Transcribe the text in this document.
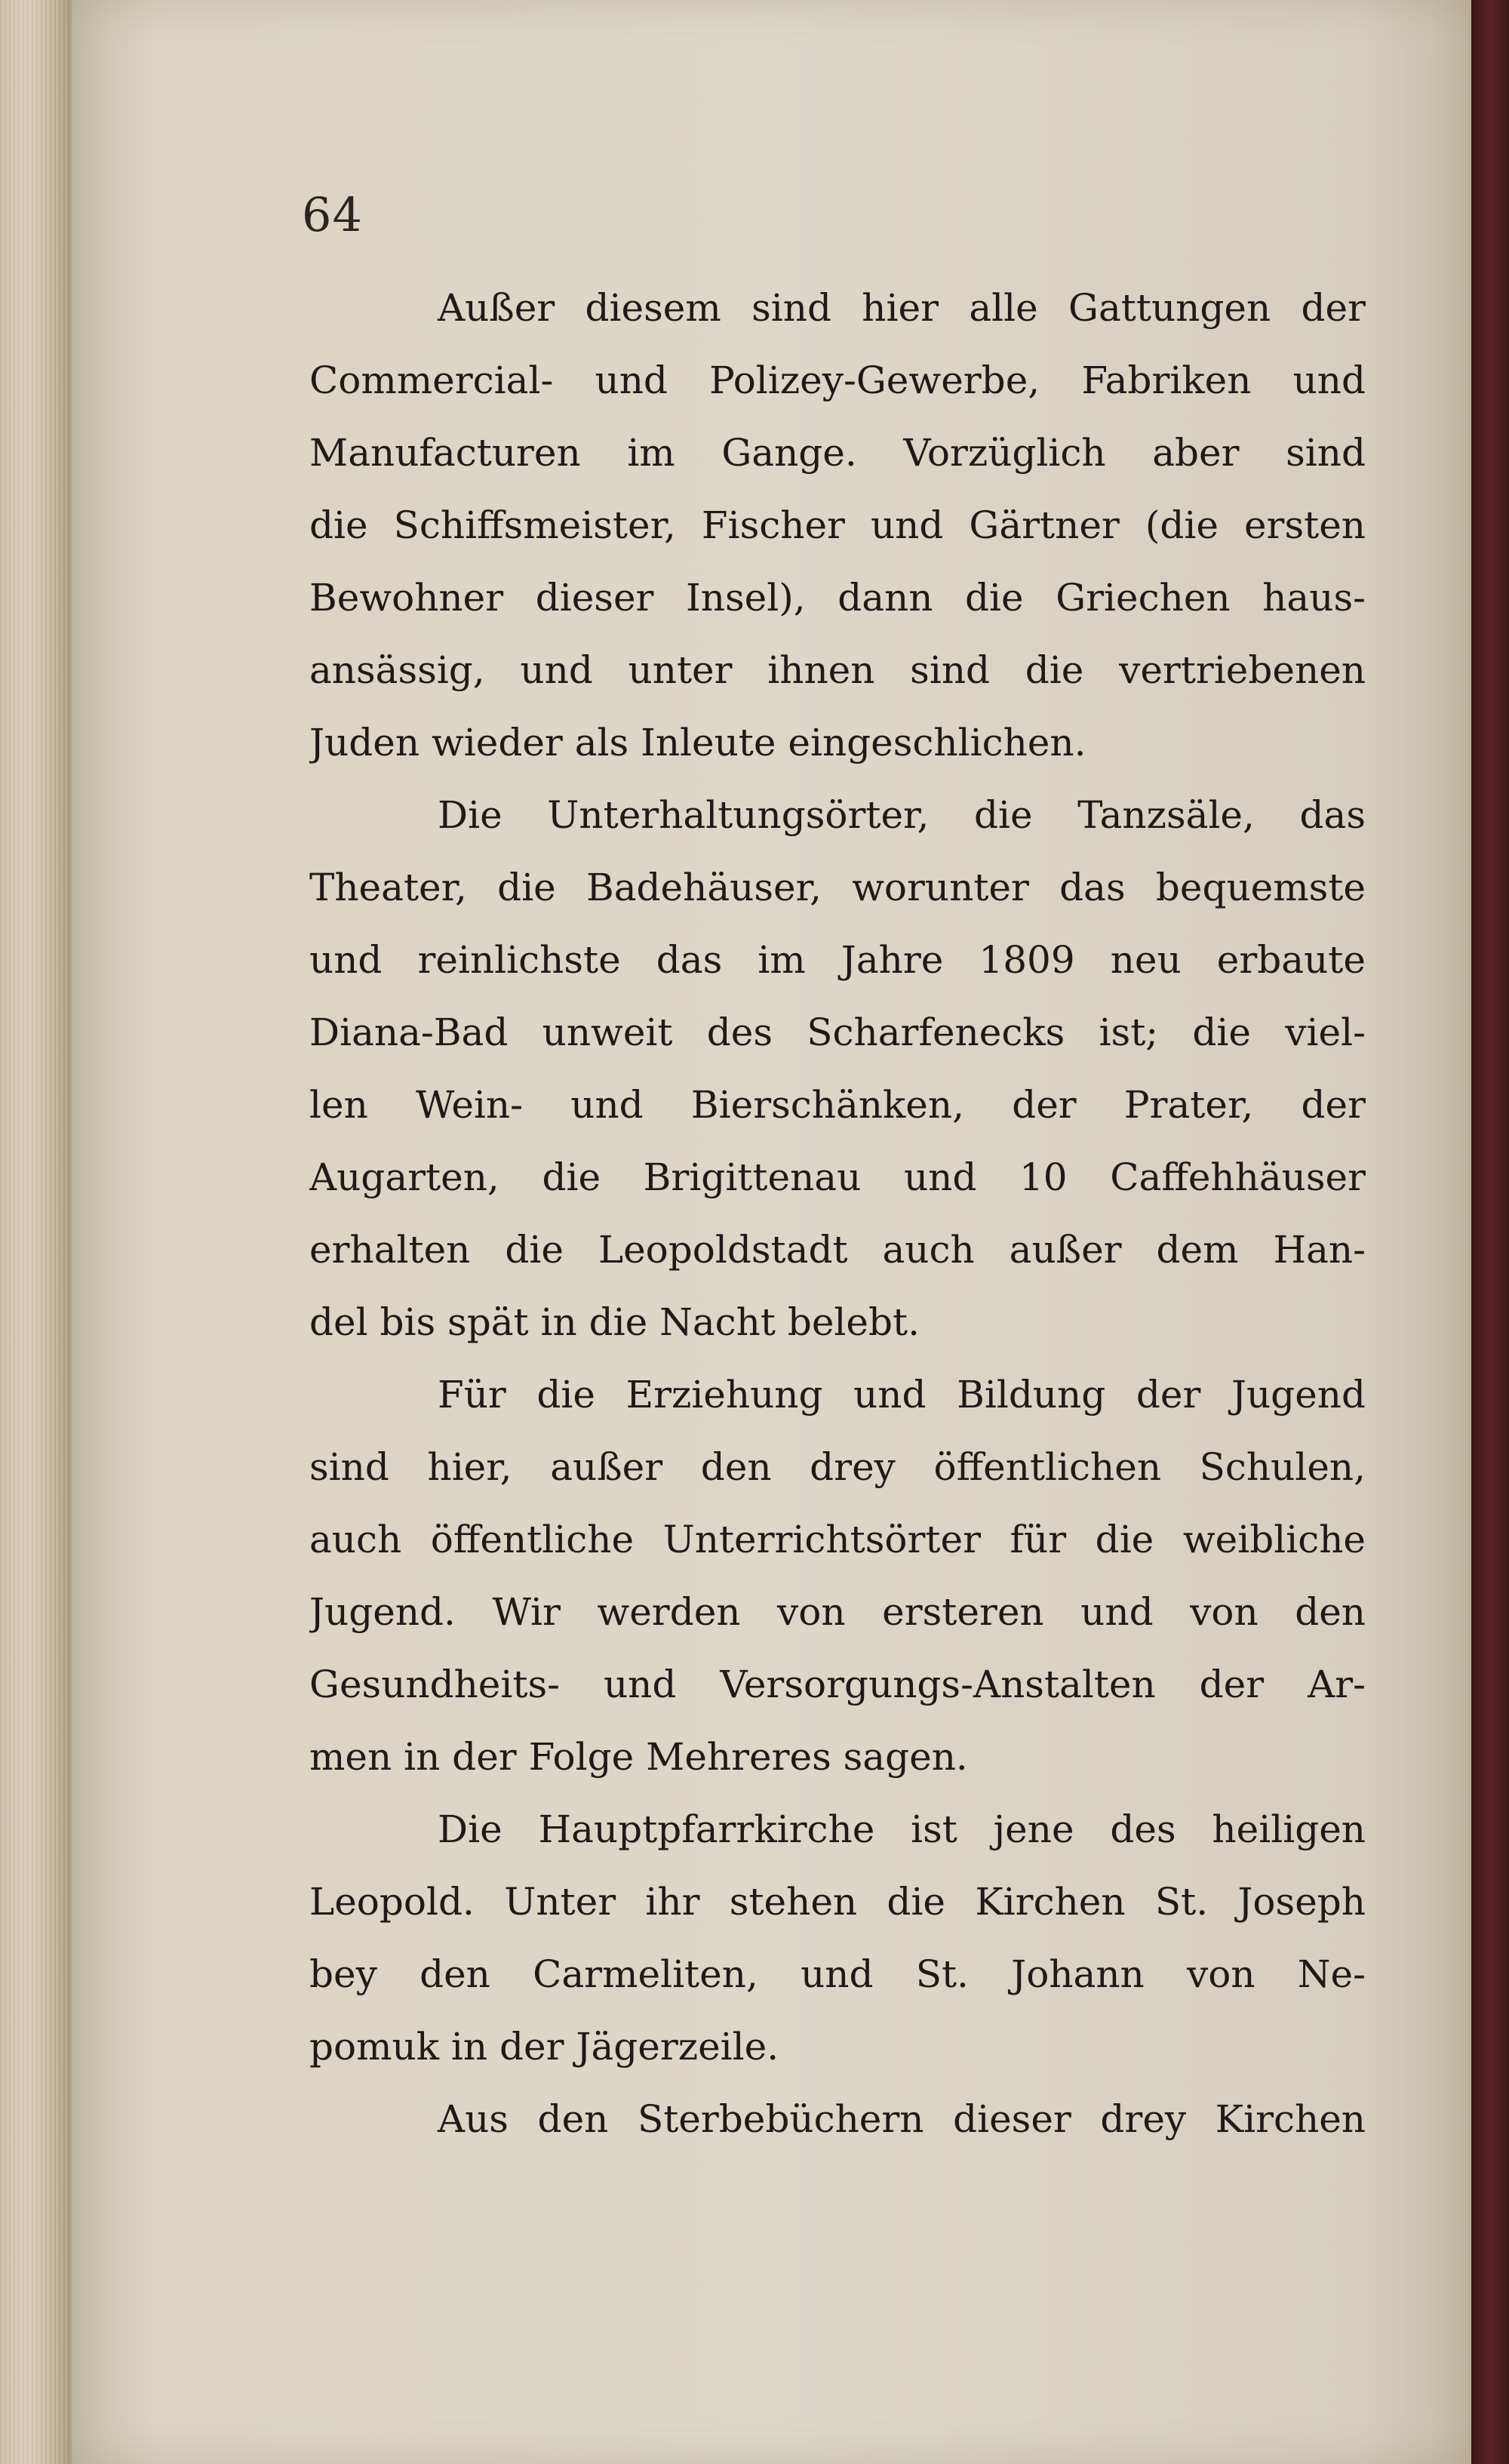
64
Außer diesem sind hier alle Gattungen der
Commercial- und Polizey-Gewerbe, Fabriken und
Manufacturen im Gange. Vorzüglich aber sind
die Schiffsmeister, Fischer und Gärtner (die ersten
Bewohner dieser Insel), dann die Griechen haus-
ansässig, und unter ihnen sind die vertriebenen
Juden wieder als Inleute eingeschlichen.
Die Unterhaltungsörter, die Tanzsäle, das
Theater, die Badehäuser, worunter das bequemste
und reinlichste das im Jahre 1809 neu erbaute
Diana-Bad unweit des Scharfenecks ist; die viel-
len Wein- und Bierschänken, der Prater, der
Augarten, die Brigittenau und 10 Caffehhäuser
erhalten die Leopoldstadt auch außer dem Han-
del bis spät in die Nacht belebt.
Für die Erziehung und Bildung der Jugend
sind hier, außer den drey öffentlichen Schulen,
auch öffentliche Unterrichtsörter für die weibliche
Jugend. Wir werden von ersteren und von den
Gesundheits- und Versorgungs-Anstalten der Ar-
men in der Folge Mehreres sagen.
Die Hauptpfarrkirche ist jene des heiligen
Leopold. Unter ihr stehen die Kirchen St. Joseph
bey den Carmeliten, und St. Johann von Ne-
pomuk in der Jägerzeile.
Aus den Sterbebüchern dieser drey Kirchen
